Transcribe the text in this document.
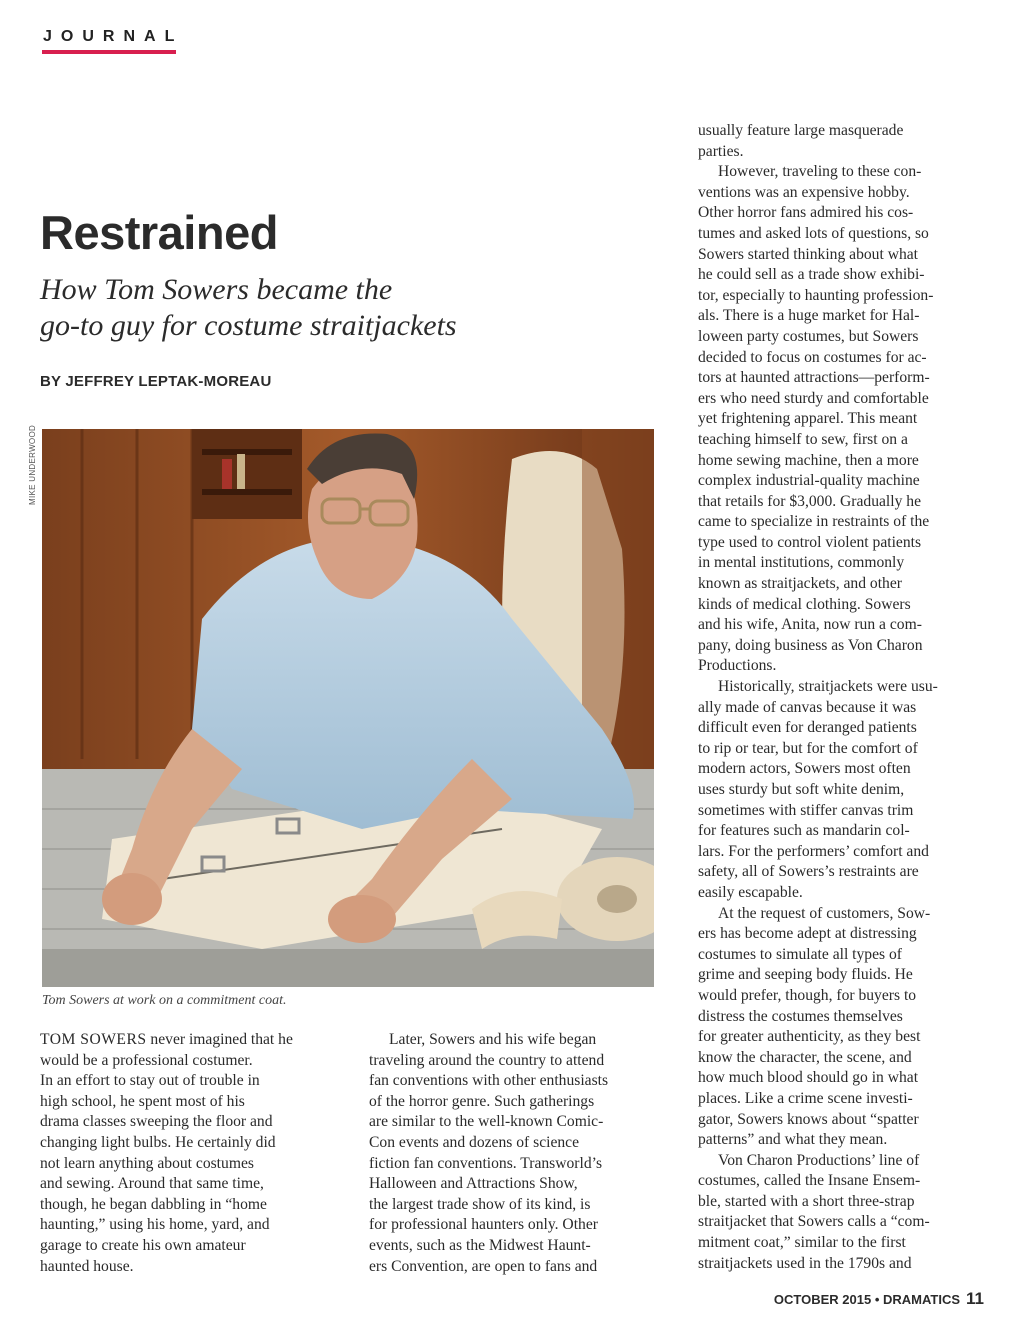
JOURNAL
Restrained
How Tom Sowers became the
go-to guy for costume straitjackets
BY JEFFREY LEPTAK-MOREAU
MIKE UNDERWOOD
Tom Sowers at work on a commitment coat.
TOM SOWERS never imagined that he
would be a professional costumer.
In an effort to stay out of trouble in
high school, he spent most of his
drama classes sweeping the floor and
changing light bulbs. He certainly did
not learn anything about costumes
and sewing. Around that same time,
though, he began dabbling in “home
haunting,” using his home, yard, and
garage to create his own amateur
haunted house.
Later, Sowers and his wife began
traveling around the country to attend
fan conventions with other enthusiasts
of the horror genre. Such gatherings
are similar to the well-known Comic-
Con events and dozens of science
fiction fan conventions. Transworld’s
Halloween and Attractions Show,
the largest trade show of its kind, is
for professional haunters only. Other
events, such as the Midwest Haunt-
ers Convention, are open to fans and
usually feature large masquerade
parties.
However, traveling to these con-
ventions was an expensive hobby.
Other horror fans admired his cos-
tumes and asked lots of questions, so
Sowers started thinking about what
he could sell as a trade show exhibi-
tor, especially to haunting profession-
als. There is a huge market for Hal-
loween party costumes, but Sowers
decided to focus on costumes for ac-
tors at haunted attractions—perform-
ers who need sturdy and comfortable
yet frightening apparel. This meant
teaching himself to sew, first on a
home sewing machine, then a more
complex industrial-quality machine
that retails for $3,000. Gradually he
came to specialize in restraints of the
type used to control violent patients
in mental institutions, commonly
known as straitjackets, and other
kinds of medical clothing. Sowers
and his wife, Anita, now run a com-
pany, doing business as Von Charon
Productions.
Historically, straitjackets were usu-
ally made of canvas because it was
difficult even for deranged patients
to rip or tear, but for the comfort of
modern actors, Sowers most often
uses sturdy but soft white denim,
sometimes with stiffer canvas trim
for features such as mandarin col-
lars. For the performers’ comfort and
safety, all of Sowers’s restraints are
easily escapable.
At the request of customers, Sow-
ers has become adept at distressing
costumes to simulate all types of
grime and seeping body fluids. He
would prefer, though, for buyers to
distress the costumes themselves
for greater authenticity, as they best
know the character, the scene, and
how much blood should go in what
places. Like a crime scene investi-
gator, Sowers knows about “spatter
patterns” and what they mean.
Von Charon Productions’ line of
costumes, called the Insane Ensem-
ble, started with a short three-strap
straitjacket that Sowers calls a “com-
mitment coat,” similar to the first
straitjackets used in the 1790s and
OCTOBER 2015 • DRAMATICS 11
